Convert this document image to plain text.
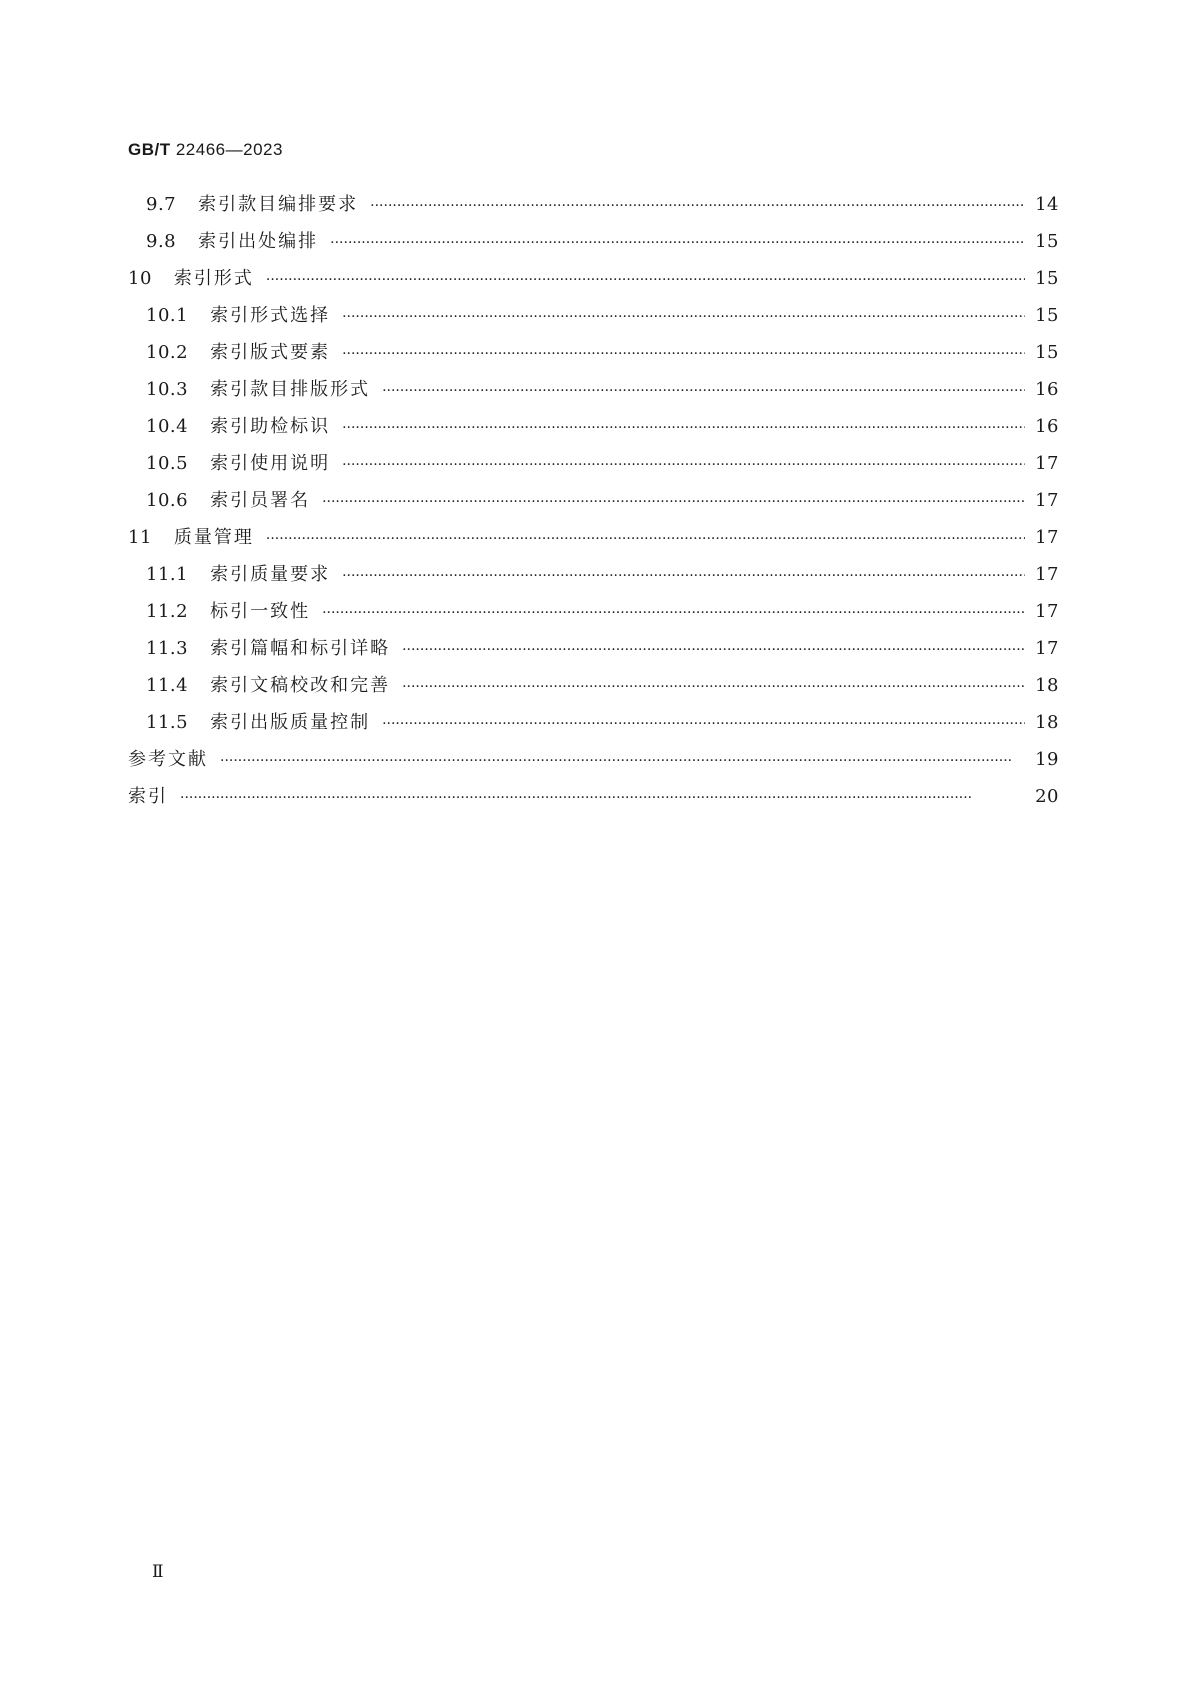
GB/T 22466—2023
9.7 索引款目编排要求 ·····	14
9.8 索引出处编排 ·····	15
10 索引形式 ·····	15
10.1 索引形式选择 ·····	15
10.2 索引版式要素 ·····	15
10.3 索引款目排版形式 ·····	16
10.4 索引助检标识 ·····	16
10.5 索引使用说明 ·····	17
10.6 索引员署名 ·····	17
11 质量管理 ·····	17
11.1 索引质量要求 ·····	17
11.2 标引一致性 ·····	17
11.3 索引篇幅和标引详略 ·····	17
11.4 索引文稿校改和完善 ·····	18
11.5 索引出版质量控制 ·····	18
参考文献 ·····	19
索引 ·····	20
Ⅱ
